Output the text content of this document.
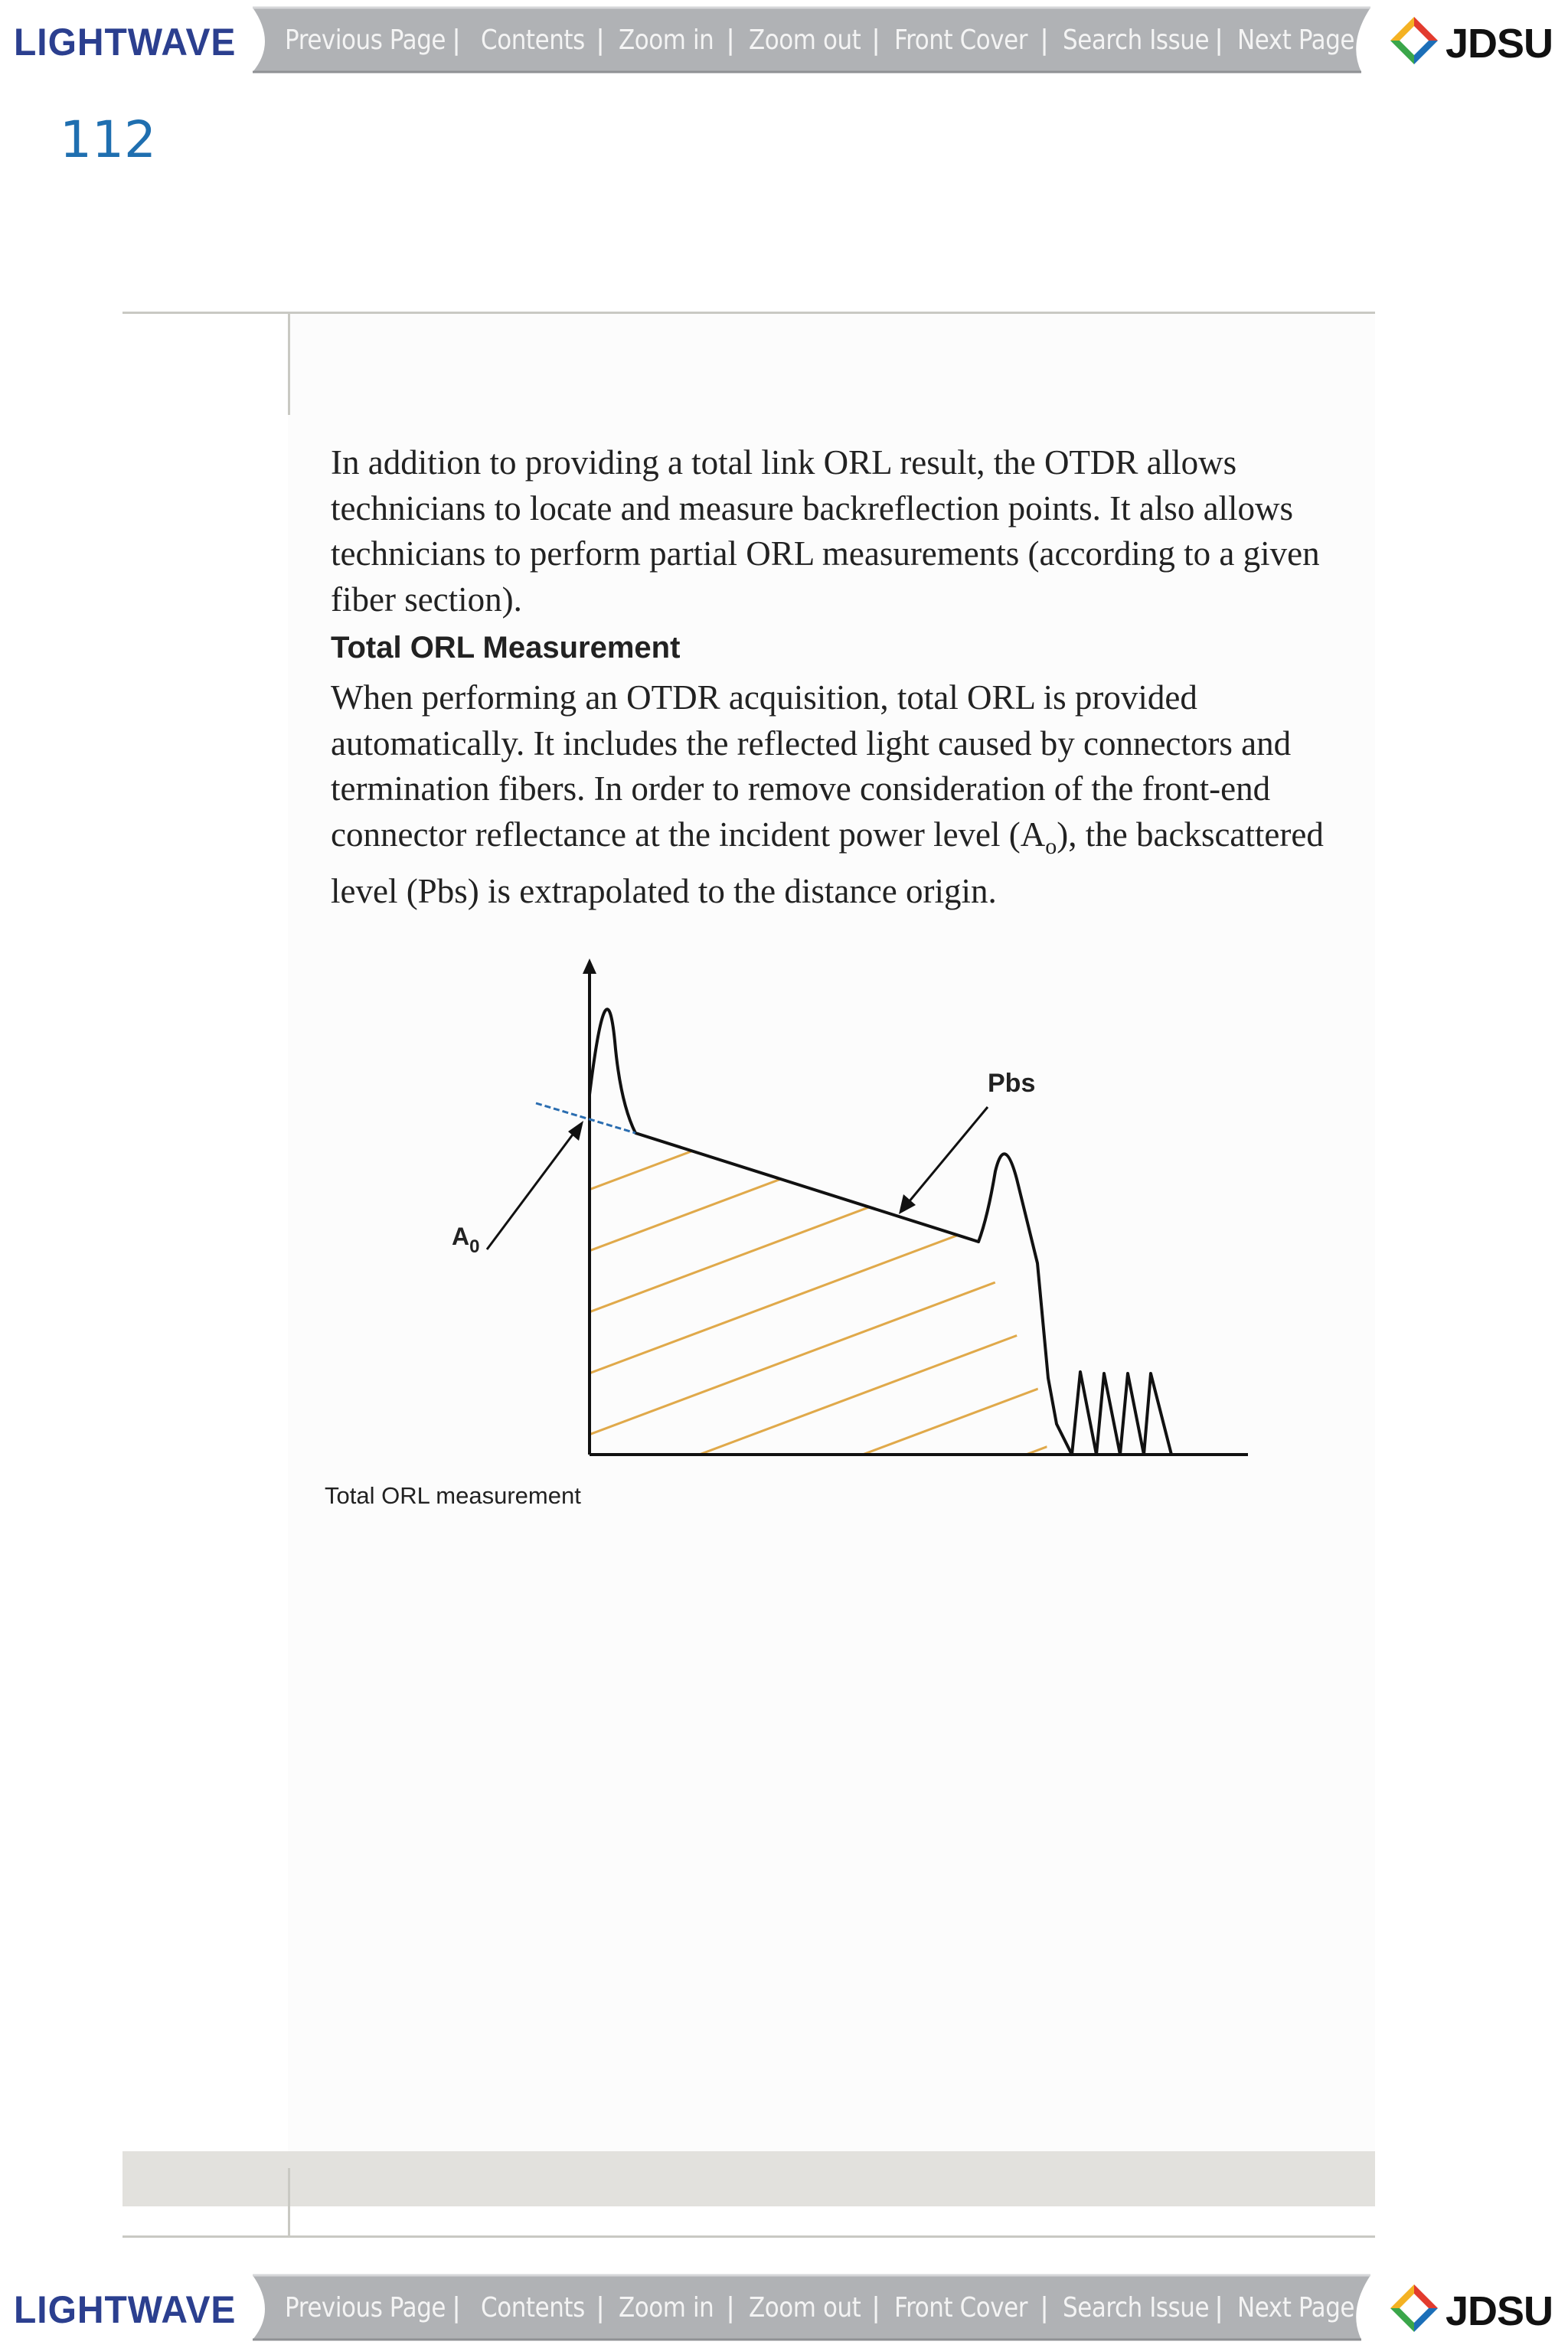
LIGHTWAVE Previous Page | Contents | Zoom in | Zoom out | Front Cover | Search Issue | Next Page JDSU
112

In addition to providing a total link ORL result, the OTDR allows technicians to locate and measure backreflection points. It also allows technicians to perform partial ORL measurements (according to a given fiber section).

Total ORL Measurement

When performing an OTDR acquisition, total ORL is provided automatically. It includes the reflected light caused by connectors and termination fibers. In order to remove consideration of the front-end connector reflectance at the incident power level $(A_o)$, the backscattered level (Pbs) is extrapolated to the distance origin.

Pbs
$A_0$
Total ORL measurement
LIGHTWAVE Previous Page | Contents | Zoom in | Zoom out | Front Cover | Search Issue | Next Page JDSU
